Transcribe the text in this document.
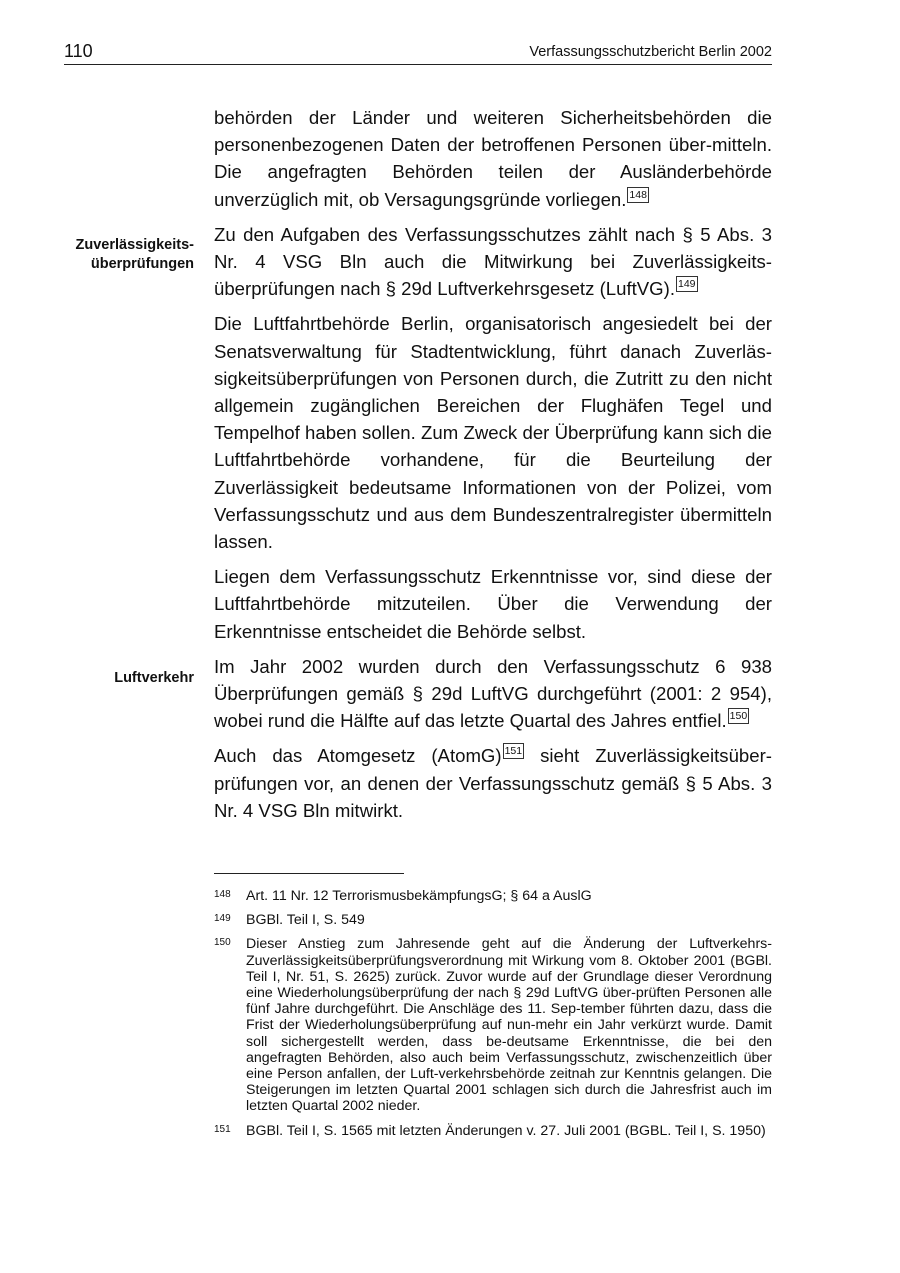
110	Verfassungsschutzbericht Berlin 2002
Zuverlässigkeits-
überprüfungen
Luftverkehr

behörden der Länder und weiteren Sicherheitsbehörden die personenbezogenen Daten der betroffenen Personen über-mitteln. Die angefragten Behörden teilen der Ausländerbehörde unverzüglich mit, ob Versagungsgründe vorliegen. 148

Zu den Aufgaben des Verfassungsschutzes zählt nach § 5 Abs. 3 Nr. 4 VSG Bln auch die Mitwirkung bei Zuverlässigkeits-überprüfungen nach § 29d Luftverkehrsgesetz (LuftVG). 149

Die Luftfahrtbehörde Berlin, organisatorisch angesiedelt bei der Senatsverwaltung für Stadtentwicklung, führt danach Zuverläs-sigkeitsüberprüfungen von Personen durch, die Zutritt zu den nicht allgemein zugänglichen Bereichen der Flughäfen Tegel und Tempelhof haben sollen. Zum Zweck der Überprüfung kann sich die Luftfahrtbehörde vorhandene, für die Beurteilung der Zuverlässigkeit bedeutsame Informationen von der Polizei, vom Verfassungsschutz und aus dem Bundeszentralregister übermitteln lassen.

Liegen dem Verfassungsschutz Erkenntnisse vor, sind diese der Luftfahrtbehörde mitzuteilen. Über die Verwendung der Erkenntnisse entscheidet die Behörde selbst.

Im Jahr 2002 wurden durch den Verfassungsschutz 6 938 Überprüfungen gemäß § 29d LuftVG durchgeführt (2001: 2 954), wobei rund die Hälfte auf das letzte Quartal des Jahres entfiel. 150

Auch das Atomgesetz (AtomG) 151 sieht Zuverlässigkeitsüber-prüfungen vor, an denen der Verfassungsschutz gemäß § 5 Abs. 3 Nr. 4 VSG Bln mitwirkt.

148	Art. 11 Nr. 12 TerrorismusbekämpfungsG; § 64 a AuslG
149	BGBl. Teil I, S. 549
150	Dieser Anstieg zum Jahresende geht auf die Änderung der Luftverkehrs-Zuverlässigkeitsüberprüfungsverordnung mit Wirkung vom 8. Oktober 2001 (BGBl. Teil I, Nr. 51, S. 2625) zurück. Zuvor wurde auf der Grundlage dieser Verordnung eine Wiederholungsüberprüfung der nach § 29d LuftVG über-prüften Personen alle fünf Jahre durchgeführt. Die Anschläge des 11. Sep-tember führten dazu, dass die Frist der Wiederholungsüberprüfung auf nun-mehr ein Jahr verkürzt wurde. Damit soll sichergestellt werden, dass be-deutsame Erkenntnisse, die bei den angefragten Behörden, also auch beim Verfassungsschutz, zwischenzeitlich über eine Person anfallen, der Luft-verkehrsbehörde zeitnah zur Kenntnis gelangen. Die Steigerungen im letzten Quartal 2001 schlagen sich durch die Jahresfrist auch im letzten Quartal 2002 nieder.
151	BGBl. Teil I, S. 1565 mit letzten Änderungen v. 27. Juli 2001 (BGBL. Teil I, S. 1950)
